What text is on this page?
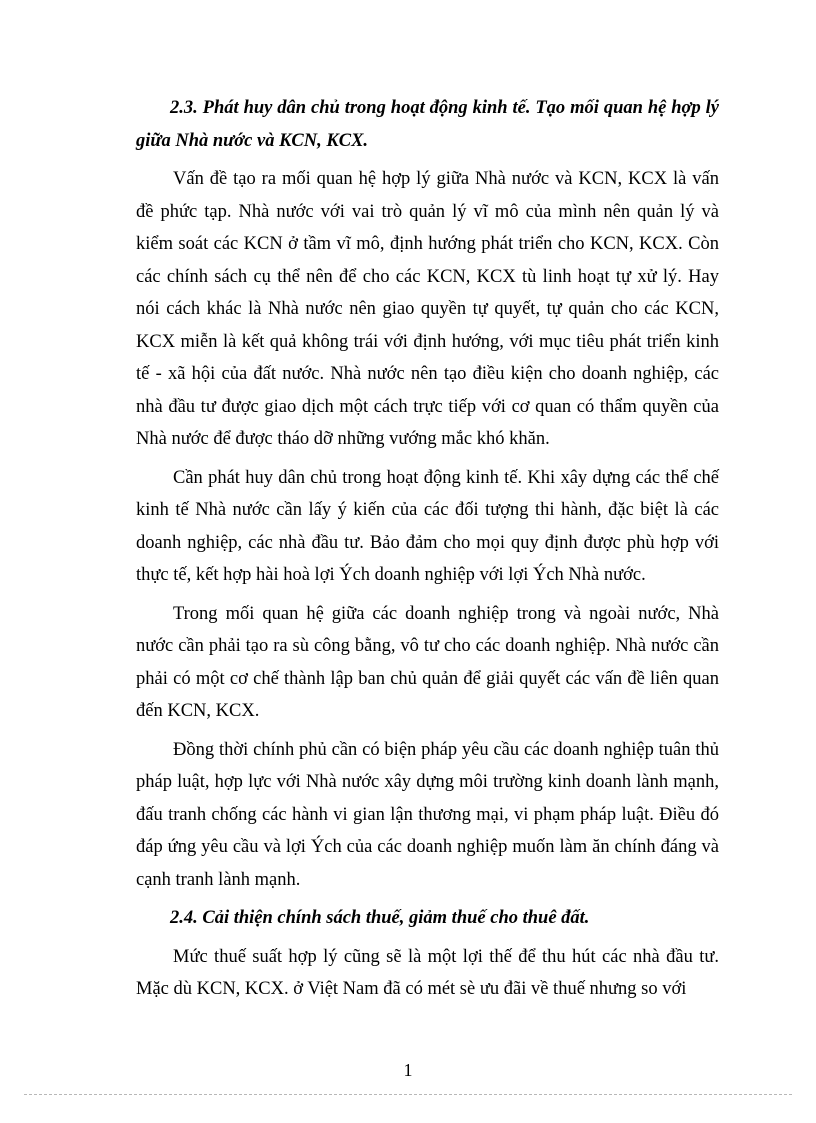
2.3. Phát huy dân chủ trong hoạt động kinh tế. Tạo mối quan hệ hợp lý giữa Nhà nước và KCN, KCX.

Vấn đề tạo ra mối quan hệ hợp lý giữa Nhà nước và KCN, KCX là vấn đề phức tạp. Nhà nước với vai trò quản lý vĩ mô của mình nên quản lý và kiểm soát các KCN ở tầm vĩ mô, định hướng phát triển cho KCN, KCX. Còn các chính sách cụ thể nên để cho các KCN, KCX tù linh hoạt tự xử lý. Hay nói cách khác là Nhà nước nên giao quyền tự quyết, tự quản cho các KCN, KCX miễn là kết quả không trái với định hướng, với mục tiêu phát triển kinh tế - xã hội của đất nước. Nhà nước nên tạo điều kiện cho doanh nghiệp, các nhà đầu tư được giao dịch một cách trực tiếp với cơ quan có thẩm quyền của Nhà nước để được tháo dỡ những vướng mắc khó khăn.

Cần phát huy dân chủ trong hoạt động kinh tế. Khi xây dựng các thể chế kinh tế Nhà nước cần lấy ý kiến của các đối tượng thi hành, đặc biệt là các doanh nghiệp, các nhà đầu tư. Bảo đảm cho mọi quy định được phù hợp với thực tế, kết hợp hài hoà lợi Ých doanh nghiệp với lợi Ých Nhà nước.

Trong mối quan hệ giữa các doanh nghiệp trong và ngoài nước, Nhà nước cần phải tạo ra sù công bằng, vô tư cho các doanh nghiệp. Nhà nước cần phải có một cơ chế thành lập ban chủ quản để giải quyết các vấn đề liên quan đến KCN, KCX.

Đồng thời chính phủ cần có biện pháp yêu cầu các doanh nghiệp tuân thủ pháp luật, hợp lực với Nhà nước xây dựng môi trường kinh doanh lành mạnh, đấu tranh chống các hành vi gian lận thương mại, vi phạm pháp luật. Điều đó đáp ứng yêu cầu và lợi Ých của các doanh nghiệp muốn làm ăn chính đáng và cạnh tranh lành mạnh.

2.4. Cải thiện chính sách thuế, giảm thuế cho thuê đất.

Mức thuế suất hợp lý cũng sẽ là một lợi thế để thu hút các nhà đầu tư. Mặc dù KCN, KCX. ở Việt Nam đã có mét sè ưu đãi về thuế nhưng so với

1
